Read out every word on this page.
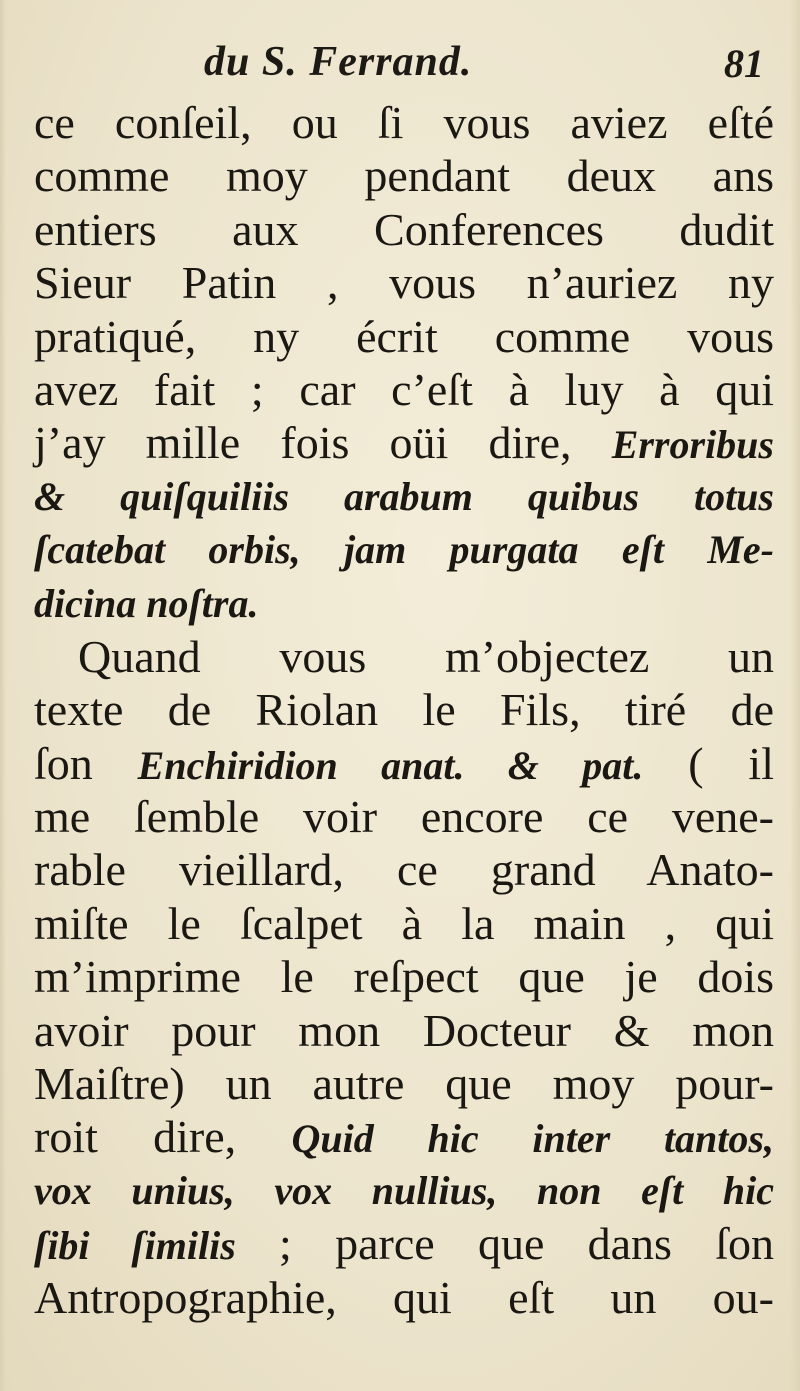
du S. Ferrand.	81
ce conſeil, ou ſi vous aviez eſté
comme moy pendant deux ans
entiers aux Conferences dudit
Sieur Patin , vous n’auriez ny
pratiqué, ny écrit comme vous
avez fait ; car c’eſt à luy à qui
j’ay mille fois oüi dire, Erroribus
& quiſquiliis arabum quibus totus
ſcatebat orbis, jam purgata eſt Me-
dicina noſtra.
Quand vous m’objectez un
texte de Riolan le Fils, tiré de
ſon Enchiridion anat. & pat. ( il
me ſemble voir encore ce vene-
rable vieillard, ce grand Anato-
miſte le ſcalpet à la main , qui
m’imprime le reſpect que je dois
avoir pour mon Docteur & mon
Maiſtre) un autre que moy pour-
roit dire, Quid hic inter tantos,
vox unius, vox nullius, non eſt hic
ſibi ſimilis ; parce que dans ſon
Antropographie, qui eſt un ou-
